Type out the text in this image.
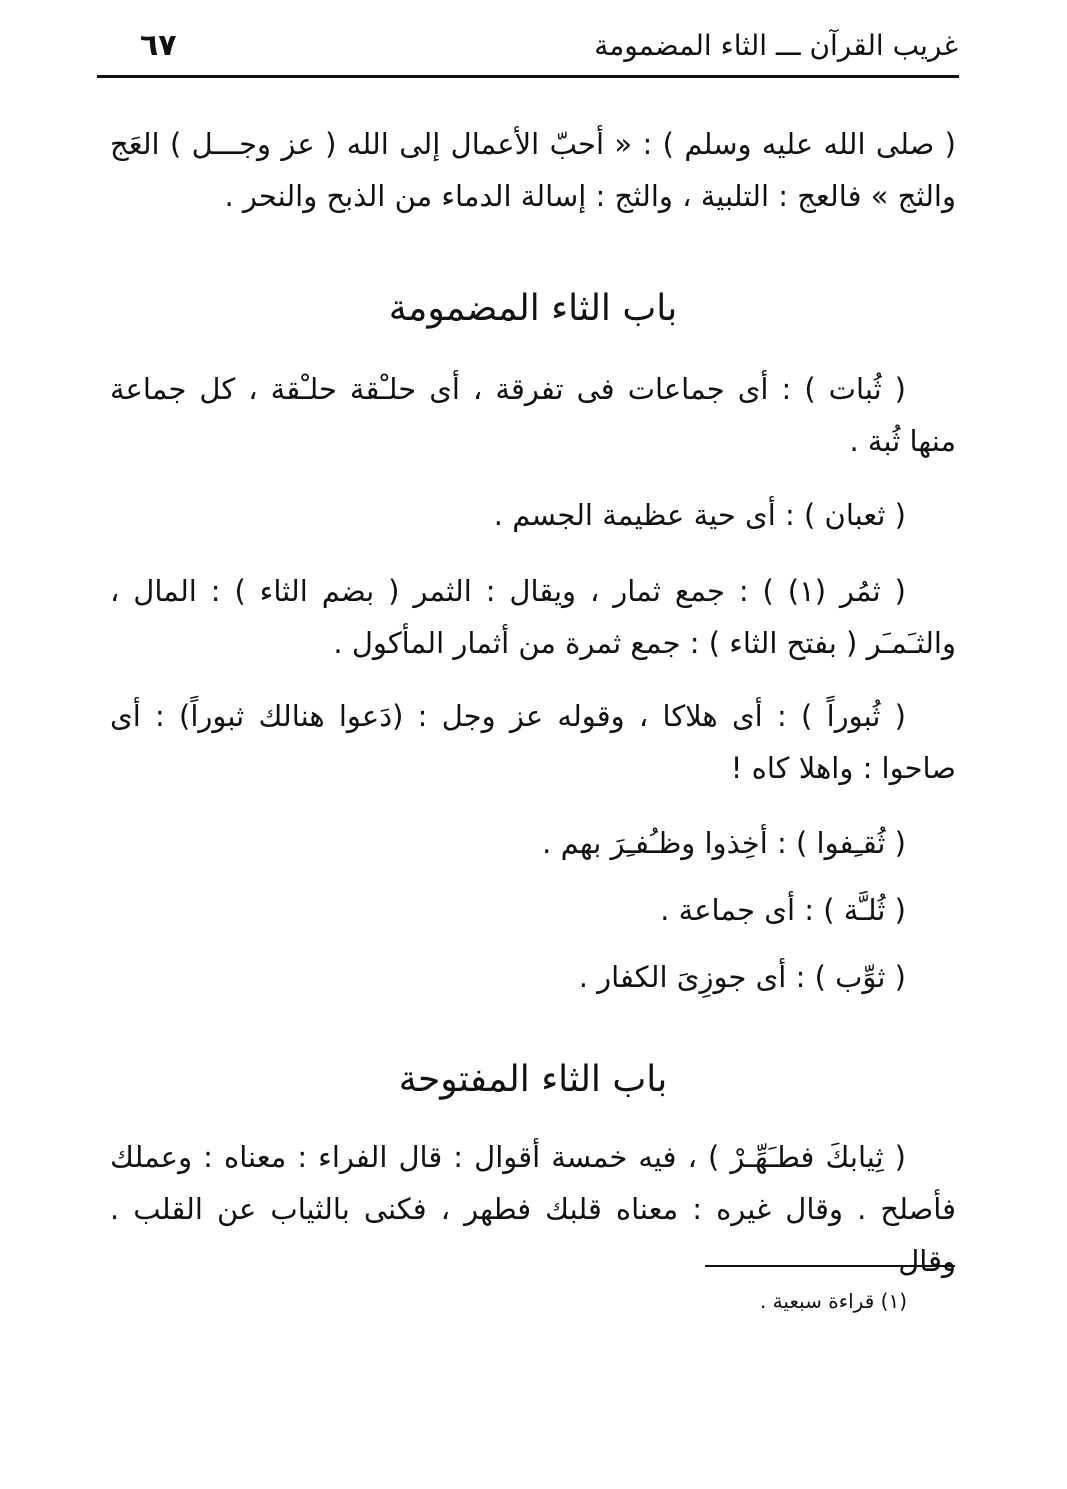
غريب القرآن ـــ الثاء المضمومة
٦٧
( صلى الله عليه وسلم ) : « أحبّ الأعمال إلى الله ( عز وجـــل ) العَج والثج » فالعج : التلبية ، والثج : إسالة الدماء من الذبح والنحر .
باب الثاء المضمومة
( ثُبات ) : أى جماعات فى تفرقة ، أى حلـْقة حلـْقة ، كل جماعة منها ثُبة .
( ثعبان ) : أى حية عظيمة الجسم .
( ثمُر (١) ) : جمع ثمار ، ويقال : الثمر ( بضم الثاء ) : المال ، والثـَمـَر ( بفتح الثاء ) : جمع ثمرة من أثمار المأكول .
( ثُبوراً ) : أى هلاكا ، وقوله عز وجل : (دَعوا هنالك ثبوراً) : أى صاحوا : واهلا كاه !
( ثُقـِفوا ) : أخِذوا وظـُفـِرَ بهم .
( ثُلـَّة ) : أى جماعة .
( ثوِّب ) : أى جوزِىَ الكفار .
باب الثاء المفتوحة
( ثِيابكَ فطـَهِّـرْ ) ، فيه خمسة أقوال : قال الفراء : معناه : وعملك فأصلح . وقال غيره : معناه قلبك فطهر ، فكنى بالثياب عن القلب . وقال
(١) قراءة سبعية .
